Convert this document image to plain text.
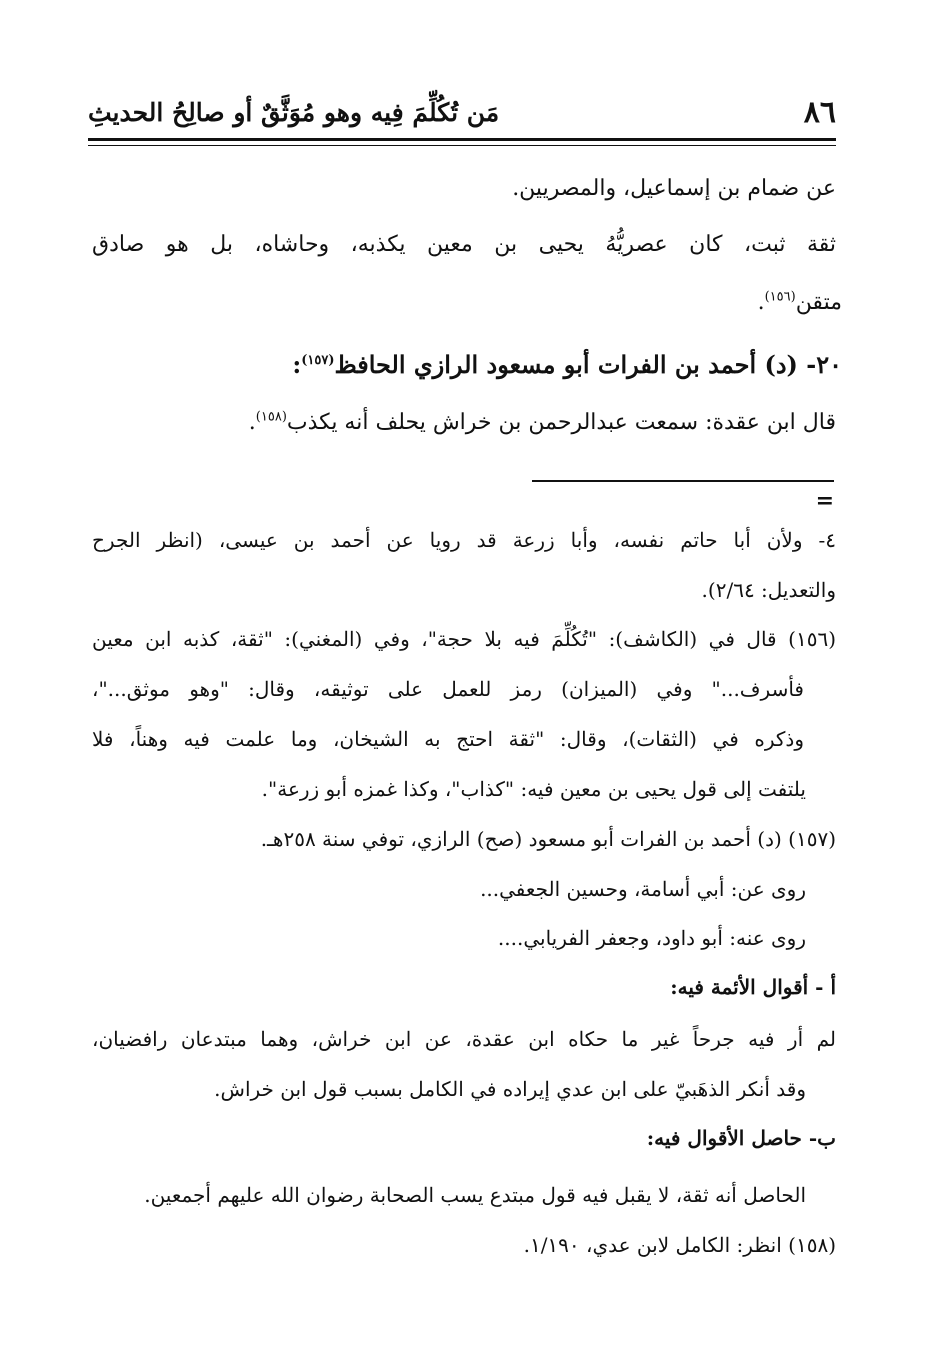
٨٦
مَن تُكُلِّمَ فِيه وهو مُوَثَّقٌ أو صالِحُ الحديثِ
عن ضمام بن إسماعيل، والمصريين.
ثقة ثبت، كان عصريُّهُ يحيى بن معين يكذبه، وحاشاه، بل هو صادق
متقن$^{(١٥٦)}$.
٢٠- (د) أحمد بن الفرات أبو مسعود الرازي الحافظ$^{(١٥٧)}$:
قال ابن عقدة: سمعت عبدالرحمن بن خراش يحلف أنه يكذب$^{(١٥٨)}$.
=
٤- ولأن أبا حاتم نفسه، وأبا زرعة قد رويا عن أحمد بن عيسى، (انظر الجرح
والتعديل: ٢/٦٤).
(١٥٦) قال في (الكاشف): "تُكُلِّمَ فيه بلا حجة"، وفي (المغني): "ثقة، كذبه ابن معين
فأسرف..." وفي (الميزان) رمز للعمل على توثيقه، وقال: "وهو موثق..."،
وذكره في (الثقات)، وقال: "ثقة احتج به الشيخان، وما علمت فيه وهناً، فلا
يلتفت إلى قول يحيى بن معين فيه: "كذاب"، وكذا غمزه أبو زرعة".
(١٥٧) (د) أحمد بن الفرات أبو مسعود (صح) الرازي، توفي سنة ٢٥٨هـ.
روى عن: أبي أسامة، وحسين الجعفي...
روى عنه: أبو داود، وجعفر الفريابي....
أ - أقوال الأئمة فيه:
لم أر فيه جرحاً غير ما حكاه ابن عقدة، عن ابن خراش، وهما مبتدعان رافضيان،
وقد أنكر الذهَبيّ على ابن عدي إيراده في الكامل بسبب قول ابن خراش.
ب- حاصل الأقوال فيه:
الحاصل أنه ثقة، لا يقبل فيه قول مبتدع يسب الصحابة رضوان الله عليهم أجمعين.
(١٥٨) انظر: الكامل لابن عدي، ١/١٩٠.
